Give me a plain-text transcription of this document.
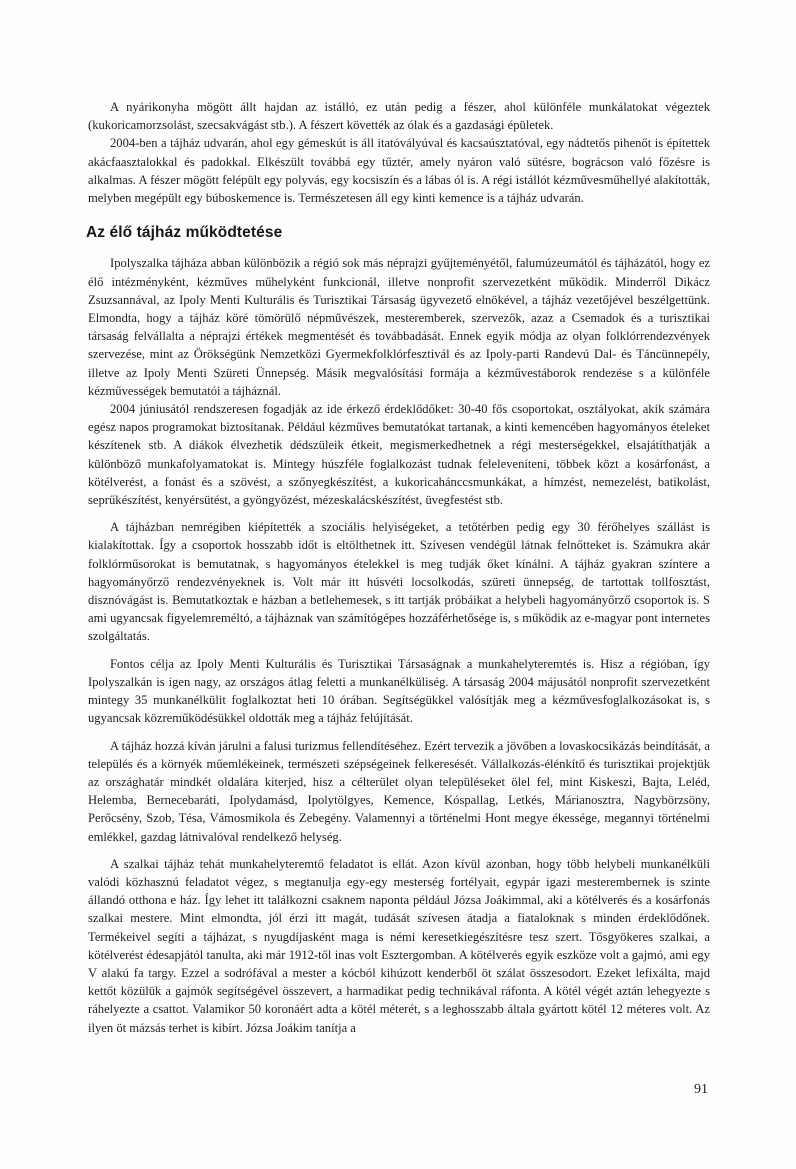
A nyárikonyha mögött állt hajdan az istálló, ez után pedig a fészer, ahol különféle munkálatokat végeztek (kukoricamorzsolást, szecsakvágást stb.). A fészert követték az ólak és a gazdasági épületek.

2004-ben a tájház udvarán, ahol egy gémeskút is áll itatóvályúval és kacsaúsztatóval, egy nádtetős pihenőt is építettek akácfaasztalokkal és padokkal. Elkészült továbbá egy tűztér, amely nyáron való sütésre, bográcson való főzésre is alkalmas. A fészer mögött felépült egy polyvás, egy kocsiszín és a lábas ól is. A régi istállót kézművesműhellyé alakították, melyben megépült egy búboskemence is. Természetesen áll egy kinti kemence is a tájház udvarán.

Az élő tájház működtetése

Ipolyszalka tájháza abban különbözik a régió sok más néprajzi gyűjteményétől, falumúzeumától és tájházától, hogy ez élő intézményként, kézműves műhelyként funkcionál, illetve nonprofit szervezetként működik. Minderről Dikácz Zsuzsannával, az Ipoly Menti Kulturális és Turisztikai Társaság ügyvezető elnökével, a tájház vezetőjével beszélgettünk. Elmondta, hogy a tájház köré tömörülő népművészek, mesteremberek, szervezők, azaz a Csemadok és a turisztikai társaság felvállalta a néprajzi értékek megmentését és továbbadását. Ennek egyik módja az olyan folklórrendezvények szervezése, mint az Örökségünk Nemzetközi Gyermekfolklórfesztivál és az Ipoly-parti Randevú Dal- és Táncünnepély, illetve az Ipoly Menti Szüreti Ünnepség. Másik megvalósítási formája a kézművestáborok rendezése s a különféle kézművességek bemutatói a tájháznál.

2004 júniusától rendszeresen fogadják az ide érkező érdeklődőket: 30-40 fős csoportokat, osztályokat, akik számára egész napos programokat biztosítanak. Például kézműves bemutatókat tartanak, a kinti kemencében hagyományos ételeket készítenek stb. A diákok élvezhetik dédszüleik étkeit, megismerkedhetnek a régi mesterségekkel, elsajátíthatják a különböző munkafolyamatokat is. Mintegy húszféle foglalkozást tudnak feleleveníteni, többek közt a kosárfonást, a kötélverést, a fonást és a szövést, a szőnyegkészítést, a kukoricahánccsmunkákat, a hímzést, nemezelést, batikolást, seprűkészítést, kenyérsütést, a gyöngyözést, mézeskalácskészítést, üvegfestést stb.

A tájházban nemrégiben kiépítették a szociális helyiségeket, a tetőtérben pedig egy 30 férőhelyes szállást is kialakítottak. Így a csoportok hosszabb időt is eltölthetnek itt. Szívesen vendégül látnak felnőtteket is. Számukra akár folklórműsorokat is bemutatnak, s hagyományos ételekkel is meg tudják őket kínálni. A tájház gyakran színtere a hagyományőrző rendezvényeknek is. Volt már itt húsvéti locsolkodás, szüreti ünnepség, de tartottak tollfosztást, disznóvágást is. Bemutatkoztak e házban a betlehemesek, s itt tartják próbáikat a helybeli hagyományőrző csoportok is. S ami ugyancsak figyelemreméltó, a tájháznak van számítógépes hozzáférhetősége is, s működik az e-magyar pont internetes szolgáltatás.

Fontos célja az Ipoly Menti Kulturális és Turisztikai Társaságnak a munkahelyteremtés is. Hisz a régióban, így Ipolyszalkán is igen nagy, az országos átlag feletti a munkanélküliség. A társaság 2004 májusától nonprofit szervezetként mintegy 35 munkanélkülit foglalkoztat heti 10 órában. Segítségükkel valósítják meg a kézművesfoglalkozásokat is, s ugyancsak közreműködésükkel oldották meg a tájház felújítását.

A tájház hozzá kíván járulni a falusi turizmus fellendítéséhez. Ezért tervezik a jövőben a lovaskocsikázás beindítását, a település és a környék műemlékeinek, természeti szépségeinek felkeresését. Vállalkozás-élénkítő és turisztikai projektjük az országhatár mindkét oldalára kiterjed, hisz a célterület olyan településeket ölel fel, mint Kiskeszi, Bajta, Leléd, Helemba, Bernecebaráti, Ipolydamásd, Ipolytölgyes, Kemence, Kóspallag, Letkés, Márianosztra, Nagybörzsöny, Perőcsény, Szob, Tésa, Vámosmikola és Zebegény. Valamennyi a történelmi Hont megye ékessége, megannyi történelmi emlékkel, gazdag látnivalóval rendelkező helység.

A szalkai tájház tehát munkahelyteremtő feladatot is ellát. Azon kívül azonban, hogy több helybeli munkanélküli valódi közhasznú feladatot végez, s megtanulja egy-egy mesterség fortélyait, egypár igazi mesterembernek is szinte állandó otthona e ház. Így lehet itt találkozni csaknem naponta például Józsa Joákimmal, aki a kötélverés és a kosárfonás szalkai mestere. Mint elmondta, jól érzi itt magát, tudását szívesen átadja a fiataloknak s minden érdeklődőnek. Termékeivel segíti a tájházat, s nyugdíjasként maga is némi keresetkiegészítésre tesz szert. Tősgyökeres szalkai, a kötélverést édesapjától tanulta, aki már 1912-től inas volt Esztergomban. A kötélverés egyik eszköze volt a gajmó, ami egy V alakú fa targy. Ezzel a sodrófával a mester a kócból kihúzott kenderből öt szálat összesodort. Ezeket lefixálta, majd kettőt közülük a gajmók segítségével összevert, a harmadikat pedig technikával ráfonta. A kötél végét aztán lehegyezte s ráhelyezte a csattot. Valamikor 50 koronáért adta a kötél méterét, s a leghosszabb általa gyártott kötél 12 méteres volt. Az ilyen öt mázsás terhet is kibírt. Józsa Joákim tanítja a

91
